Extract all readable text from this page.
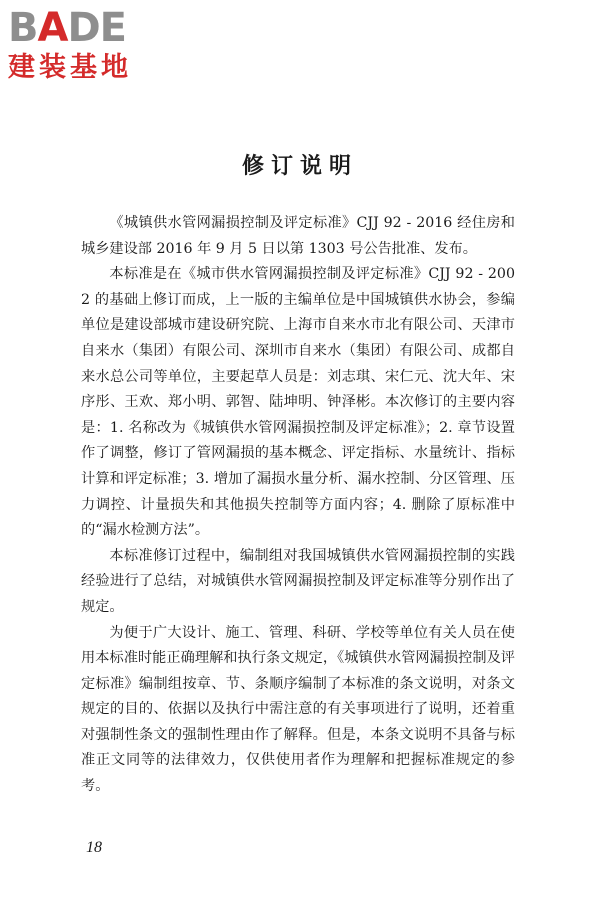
BADE
建装基地
修订说明

《城镇供水管网漏损控制及评定标准》CJJ 92 - 2016 经住房和城乡建设部 2016 年 9 月 5 日以第 1303 号公告批准、发布。

本标准是在《城市供水管网漏损控制及评定标准》CJJ 92 - 2002 的基础上修订而成，上一版的主编单位是中国城镇供水协会，参编单位是建设部城市建设研究院、上海市自来水市北有限公司、天津市自来水（集团）有限公司、深圳市自来水（集团）有限公司、成都自来水总公司等单位，主要起草人员是：刘志琪、宋仁元、沈大年、宋序彤、王欢、郑小明、郭智、陆坤明、钟泽彬。本次修订的主要内容是：1. 名称改为《城镇供水管网漏损控制及评定标准》；2. 章节设置作了调整，修订了管网漏损的基本概念、评定指标、水量统计、指标计算和评定标准；3. 增加了漏损水量分析、漏水控制、分区管理、压力调控、计量损失和其他损失控制等方面内容；4. 删除了原标准中的“漏水检测方法”。

本标准修订过程中，编制组对我国城镇供水管网漏损控制的实践经验进行了总结，对城镇供水管网漏损控制及评定标准等分别作出了规定。

为便于广大设计、施工、管理、科研、学校等单位有关人员在使用本标准时能正确理解和执行条文规定，《城镇供水管网漏损控制及评定标准》编制组按章、节、条顺序编制了本标准的条文说明，对条文规定的目的、依据以及执行中需注意的有关事项进行了说明，还着重对强制性条文的强制性理由作了解释。但是，本条文说明不具备与标准正文同等的法律效力，仅供使用者作为理解和把握标准规定的参考。

18
